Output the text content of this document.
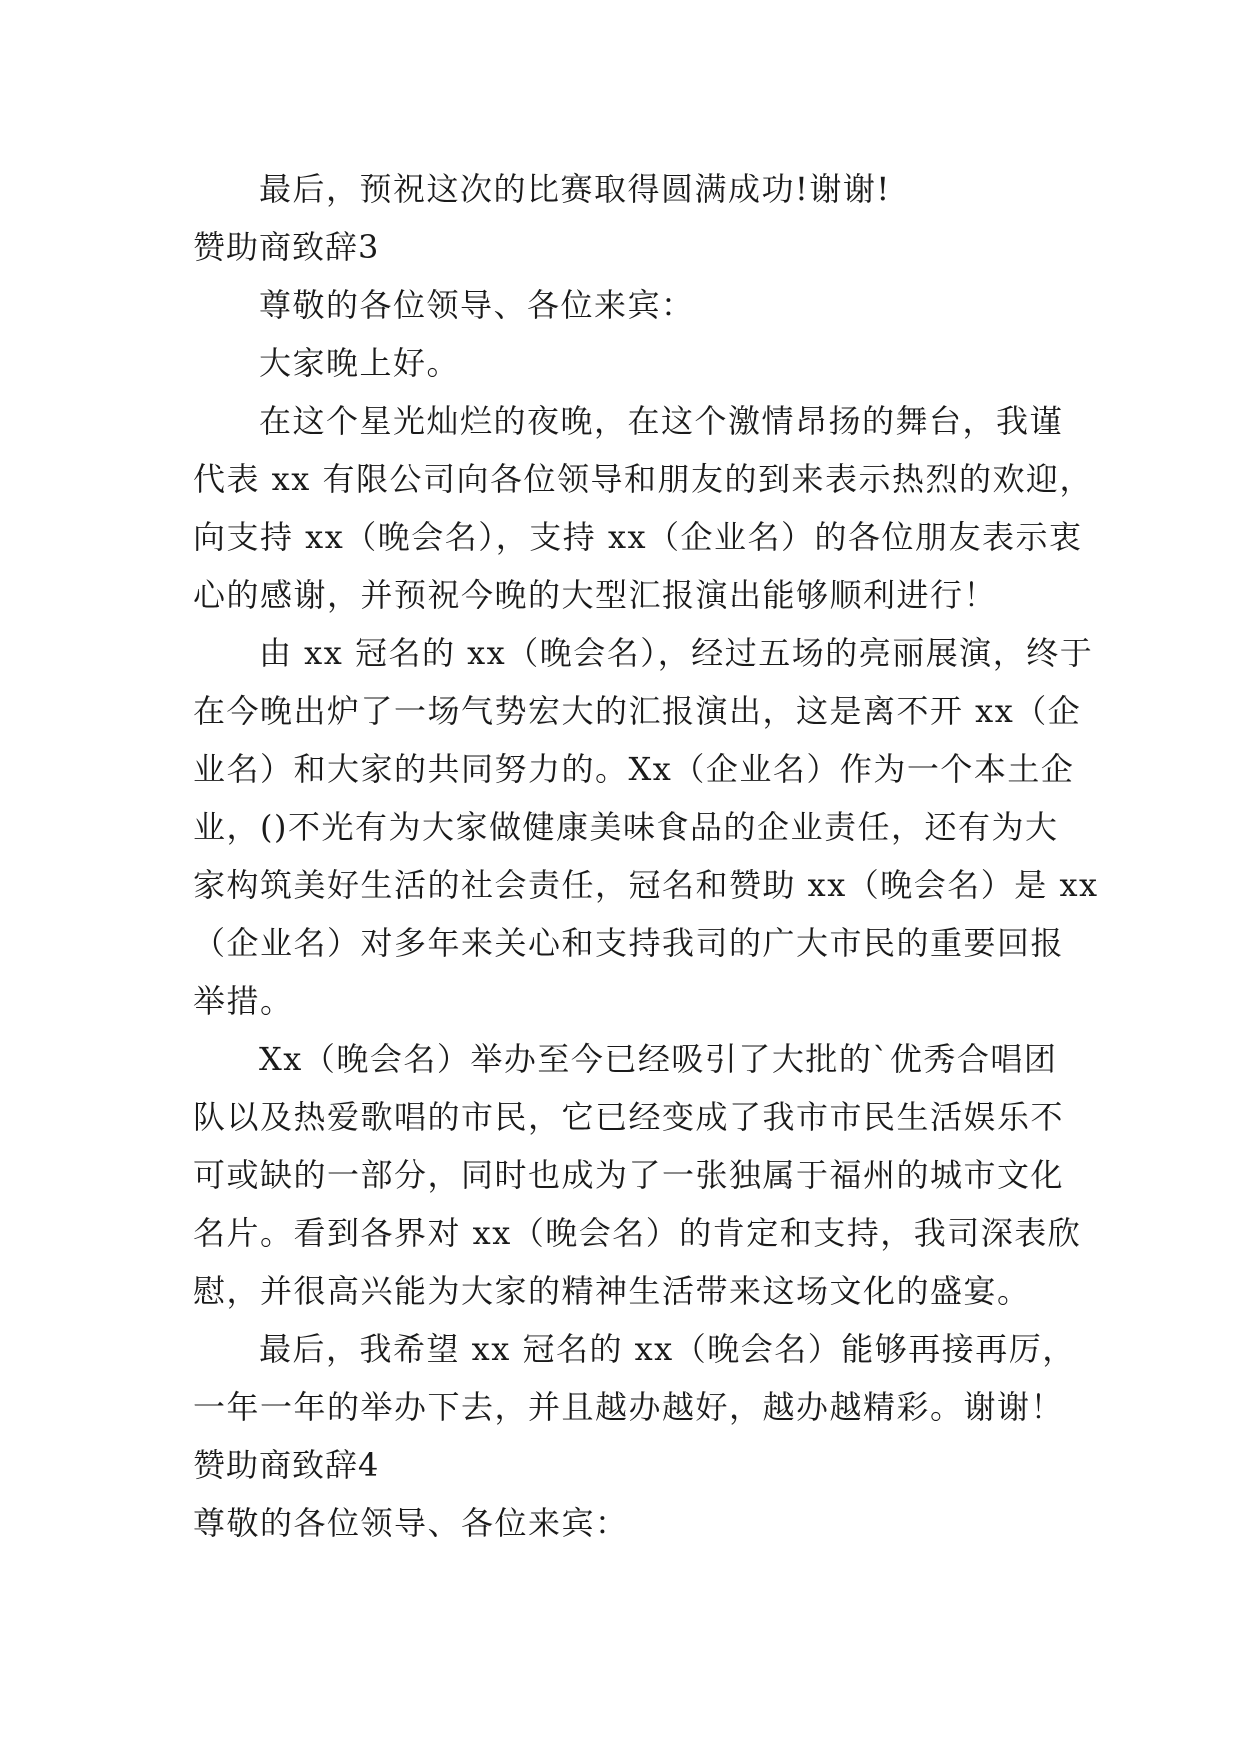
最后，预祝这次的比赛取得圆满成功!谢谢!
赞助商致辞3
尊敬的各位领导、各位来宾：
大家晚上好。
在这个星光灿烂的夜晚，在这个激情昂扬的舞台，我谨
代表 xx 有限公司向各位领导和朋友的到来表示热烈的欢迎，
向支持 xx（晚会名），支持 xx（企业名）的各位朋友表示衷
心的感谢，并预祝今晚的大型汇报演出能够顺利进行！
由 xx 冠名的 xx（晚会名），经过五场的亮丽展演，终于
在今晚出炉了一场气势宏大的汇报演出，这是离不开 xx（企
业名）和大家的共同努力的。Xx（企业名）作为一个本土企
业，()不光有为大家做健康美味食品的企业责任，还有为大
家构筑美好生活的社会责任，冠名和赞助 xx（晚会名）是 xx
（企业名）对多年来关心和支持我司的广大市民的重要回报
举措。
Xx（晚会名）举办至今已经吸引了大批的`优秀合唱团
队以及热爱歌唱的市民，它已经变成了我市市民生活娱乐不
可或缺的一部分，同时也成为了一张独属于福州的城市文化
名片。看到各界对 xx（晚会名）的肯定和支持，我司深表欣
慰，并很高兴能为大家的精神生活带来这场文化的盛宴。
最后，我希望 xx 冠名的 xx（晚会名）能够再接再厉，
一年一年的举办下去，并且越办越好，越办越精彩。谢谢！
赞助商致辞4
尊敬的各位领导、各位来宾：
